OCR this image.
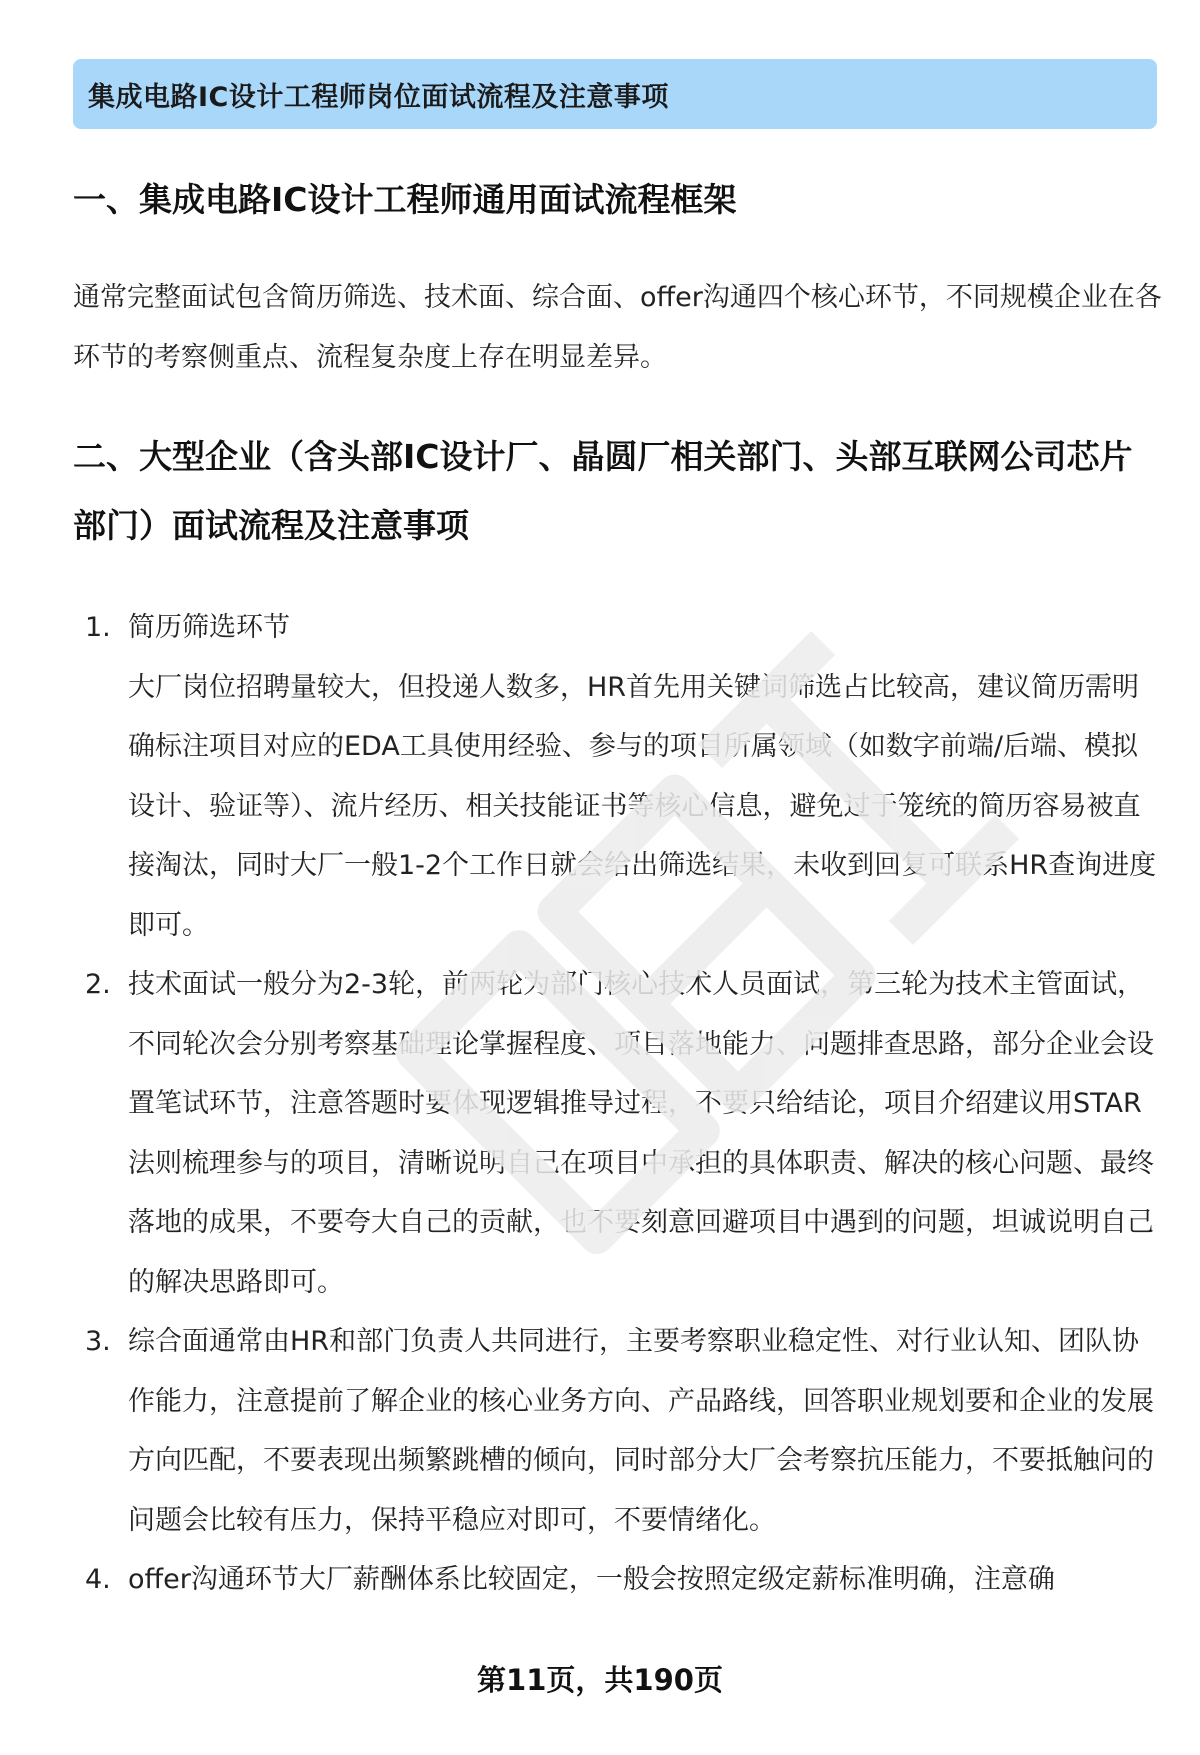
集成电路IC设计工程师岗位面试流程及注意事项
一、集成电路IC设计工程师通用面试流程框架

通常完整面试包含简历筛选、技术面、综合面、offer沟通四个核心环节，不同规模企业在各环节的考察侧重点、流程复杂度上存在明显差异。

二、大型企业（含头部IC设计厂、晶圆厂相关部门、头部互联网公司芯片部门）面试流程及注意事项
1. 简历筛选环节
大厂岗位招聘量较大，但投递人数多，HR首先用关键词筛选占比较高，建议简历需明确标注项目对应的EDA工具使用经验、参与的项目所属领域（如数字前端/后端、模拟设计、验证等）、流片经历、相关技能证书等核心信息，避免过于笼统的简历容易被直接淘汰，同时大厂一般1-2个工作日就会给出筛选结果，未收到回复可联系HR查询进度即可。
2. 技术面试一般分为2-3轮，前两轮为部门核心技术人员面试，第三轮为技术主管面试，不同轮次会分别考察基础理论掌握程度、项目落地能力、问题排查思路，部分企业会设置笔试环节，注意答题时要体现逻辑推导过程，不要只给结论，项目介绍建议用STAR法则梳理参与的项目，清晰说明自己在项目中承担的具体职责、解决的核心问题、最终落地的成果，不要夸大自己的贡献，也不要刻意回避项目中遇到的问题，坦诚说明自己的解决思路即可。
3. 综合面通常由HR和部门负责人共同进行，主要考察职业稳定性、对行业认知、团队协作能力，注意提前了解企业的核心业务方向、产品路线，回答职业规划要和企业的发展方向匹配，不要表现出频繁跳槽的倾向，同时部分大厂会考察抗压能力，不要抵触问的问题会比较有压力，保持平稳应对即可，不要情绪化。
4. offer沟通环节大厂薪酬体系比较固定，一般会按照定级定薪标准明确，注意确
第11页，共190页
